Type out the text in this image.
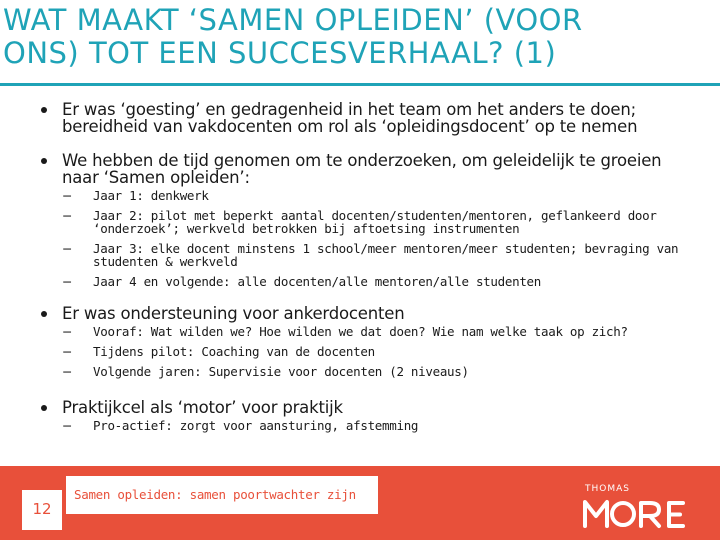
WAT MAAKT ‘SAMEN OPLEIDEN’ (VOOR
ONS) TOT EEN SUCCESVERHAAL? (1)
Er was ‘goesting’ en gedragenheid in het team om het anders te doen; bereidheid van vakdocenten om rol als ‘opleidingsdocent’ op te nemen
We hebben de tijd genomen om te onderzoeken, om geleidelijk te groeien naar ‘Samen opleiden’:
− Jaar 1: denkwerk
− Jaar 2: pilot met beperkt aantal docenten/studenten/mentoren, geflankeerd door ‘onderzoek’; werkveld betrokken bij aftoetsing instrumenten
− Jaar 3: elke docent minstens 1 school/meer mentoren/meer studenten; bevraging van studenten & werkveld
− Jaar 4 en volgende: alle docenten/alle mentoren/alle studenten
Er was ondersteuning voor ankerdocenten
− Vooraf: Wat wilden we? Hoe wilden we dat doen? Wie nam welke taak op zich?
− Tijdens pilot: Coaching van de docenten
− Volgende jaren: Supervisie voor docenten (2 niveaus)
Praktijkcel als ‘motor’ voor praktijk
− Pro-actief: zorgt voor aansturing, afstemming
Samen opleiden: samen poortwachter zijn
12
THOMAS
